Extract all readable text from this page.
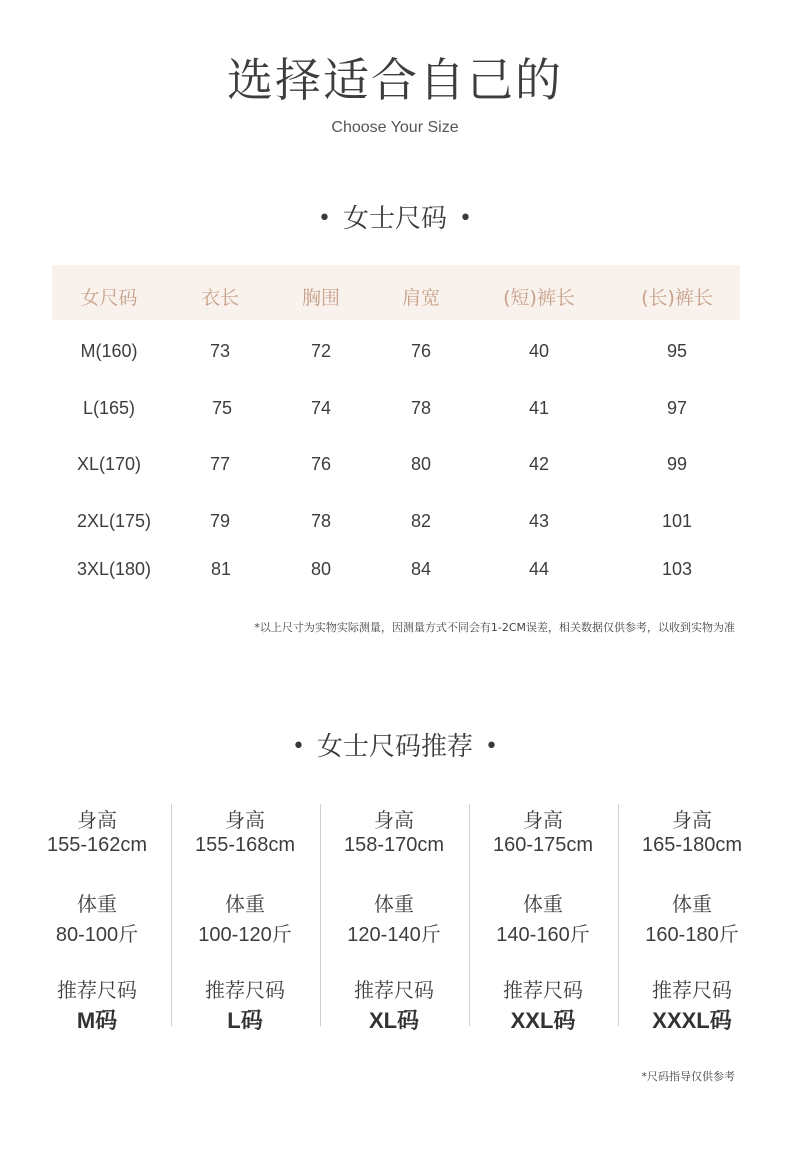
选择适合自己的
Choose Your Size
• 女士尺码 •
女尺码	衣长	胸围	肩宽	(短)裤长	(长)裤长
M(160)	73	72	76	40	95
L(165)	75	74	78	41	97
XL(170)	77	76	80	42	99
2XL(175)	79	78	82	43	101
3XL(180)	81	80	84	44	103
*以上尺寸为实物实际测量，因测量方式不同会有1-2CM误差，相关数据仅供参考，以收到实物为准
• 女士尺码推荐 •
身高
155-162cm
体重
80-100斤
推荐尺码
M码
身高
155-168cm
体重
100-120斤
推荐尺码
L码
身高
158-170cm
体重
120-140斤
推荐尺码
XL码
身高
160-175cm
体重
140-160斤
推荐尺码
XXL码
身高
165-180cm
体重
160-180斤
推荐尺码
XXXL码
*尺码指导仅供参考
